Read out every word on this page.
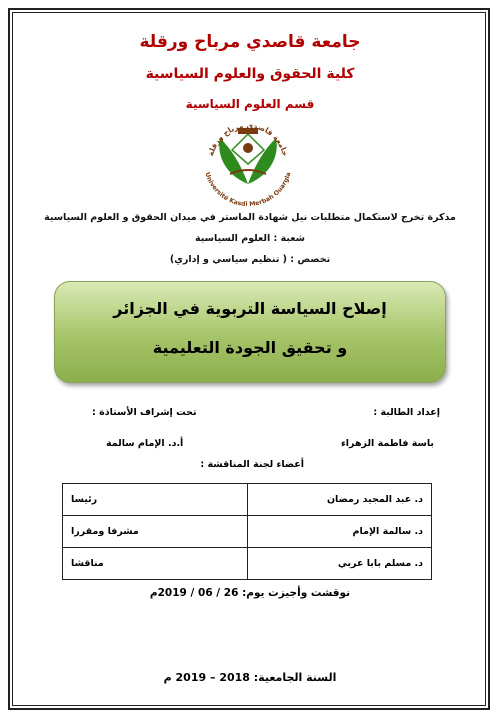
جامعة قاصدي مرباح ورقلة
كلية الحقوق والعلوم السياسية
قسم العلوم السياسية
جامعة قاصدي مرباح ورقلة
Université Kasdi Merbah Ouargla
مذكرة تخرج لاستكمال متطلبات نيل شهادة الماستر في ميدان الحقوق و العلوم السياسية
شعبة : العلوم السياسية
تخصص : ( تنظيم سياسي و إداري)
إصلاح السياسة التربوية في الجزائر
و تحقيق الجودة التعليمية
إعداد الطالبة :
تحت إشراف الأستاذة :
باسة فاطمة الزهراء
أ.د. الإمام سالمة
أعضاء لجنة المناقشة :
د. عبد المجيد رمضان	رئيسا
د. سالمة الإمام	مشرفا ومقررا
د. مسلم بابا عربي	مناقشا
نوقشت وأجيزت يوم: 26 / 06 / 2019م
السنة الجامعية: 2018 – 2019 م
